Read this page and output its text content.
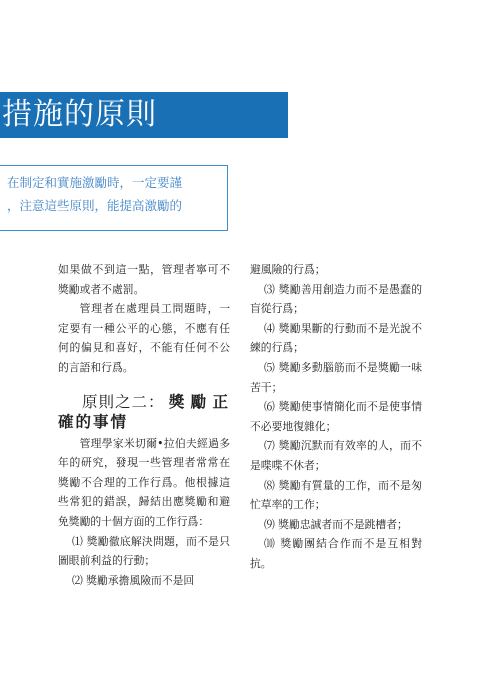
措施的原則
在制定和實施激勵時，一定要謹
，注意這些原則，能提高激勵的

如果做不到這一點，管理者寧可不獎勵或者不處罰。

管理者在處理員工問題時，一定要有一種公平的心態，不應有任何的偏見和喜好，不能有任何不公的言語和行爲。

原則之二：獎勵正確的事情

管理學家米切爾•拉伯夫經過多年的研究，發現一些管理者常常在獎勵不合理的工作行爲。他根據這些常犯的錯誤，歸結出應獎勵和避免獎勵的十個方面的工作行爲：

⑴ 獎勵徹底解決問題，而不是只圖眼前利益的行動；

⑵ 獎勵承擔風險而不是回

避風險的行爲；

⑶ 獎勵善用創造力而不是愚蠢的盲從行爲；

⑷ 獎勵果斷的行動而不是光說不練的行爲；

⑸ 獎勵多動腦筋而不是獎勵一味苦干；

⑹ 獎勵使事情簡化而不是使事情不必要地復雜化；

⑺ 獎勵沉默而有效率的人，而不是喋喋不休者；

⑻ 獎勵有質量的工作，而不是匆忙草率的工作；

⑼ 獎勵忠誠者而不是跳槽者；

⑽ 獎勵團結合作而不是互相對抗。
